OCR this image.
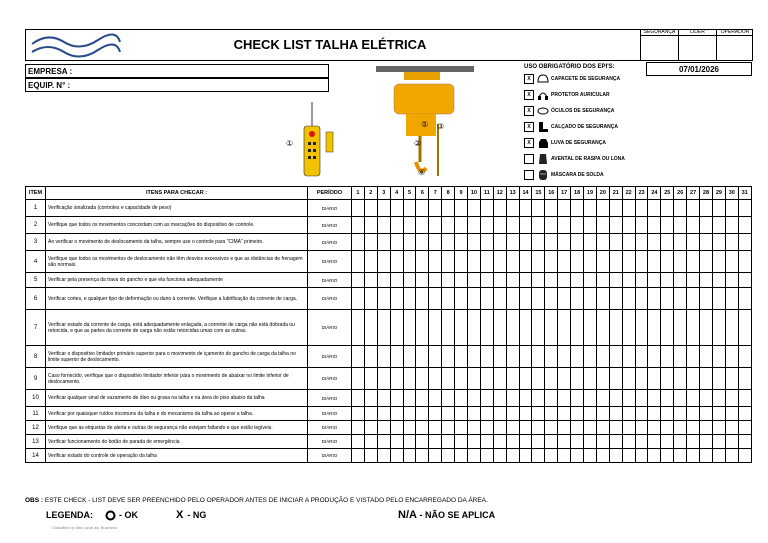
CHECK LIST TALHA ELÉTRICA
SEGURANÇA	LIDER	OPERADOR
EMPRESA :
EQUIP. N° :
07/01/2026
①
⑤ ③
②
④
USO OBRIGATÓRIO DOS EPI'S:
X	CAPACETE DE SEGURANÇA
X	PROTETOR AURICULAR
X	ÓCULOS DE SEGURANÇA
X	CALÇADO DE SEGURANÇA
X	LUVA DE SEGURANÇA
AVENTAL DE RASPA OU LONA
MÁSCARA DE SOLDA
ITEM	ITENS PARA CHECAR :	PERÍODO	1	2	3	4	5	6	7	8	9	10	11	12	13	14	15	16	17	18	19	20	21	22	23	24	25	26	27	28	29	30	31
1	Verificação sinalizada (controles e capacidade de peso)	DIÁRIO																															
2	Verifique que todos os movimentos concordam com as marcações do dispositivo de controle.	DIÁRIO																															
3	Ao verificar o movimento de deslocamento da talha, sempre use o controle para "CIMA" primeiro.	DIÁRIO																															
4	Verifique que todos os movimentos de deslocamento não têm desvios excessivos e que as distâncias de frenagem são normais.	DIÁRIO																															
5	Verificar pela presença da trava do gancho e que ela funciona adequadamente	DIÁRIO																															
6	Verificar cortes, e qualquer tipo de deformação ou dano à corrente. Verifique a lubrificação da corrente de carga.	DIÁRIO																															
7	Verificar estado da corrente de carga, está adequadamente enlaçada, a corrente de carga não está dobrada ou retorcida, e que as partes da corrente de carga não estão retorcidas umas com as outras.	DIÁRIO																															
8	Verificar o dispositivo limitador primário superior para o movimento de içamento do gancho de carga da talha no limite superior de deslocamento.	DIÁRIO																															
9	Caso fornecido, verifique que o dispositivo limitador inferior pára o movimento de abaixar no limite inferior de deslocamento.	DIÁRIO																															
10	Verificar qualquer sinal de vazamento de óleo ou graxa na talha e na área do piso abaixo da talha	DIÁRIO																															
11	Verificar por quaisquer ruídos incomuns da talha e do mecanismo da talha ao operar a talha.	DIÁRIO																															
12	Verifique que as etiquetas de alerta e outras de segurança não estejam faltando e que estão legíveis.	DIÁRIO																															
13	Verificar funcionamento do botão de parada de emergência	DIÁRIO																															
14	Verificar estado do controle de operação da talha	DIÁRIO																															
OBS : ESTE CHECK - LIST DEVE SER PREENCHIDO PELO OPERADOR ANTES DE INICIAR A PRODUÇÃO E VISTADO PELO ENCARREGADO DA ÁREA.
LEGENDA:	- OK	X - NG	N/A - NÃO SE APLICA
Classified by Alfa Laval as: Business
